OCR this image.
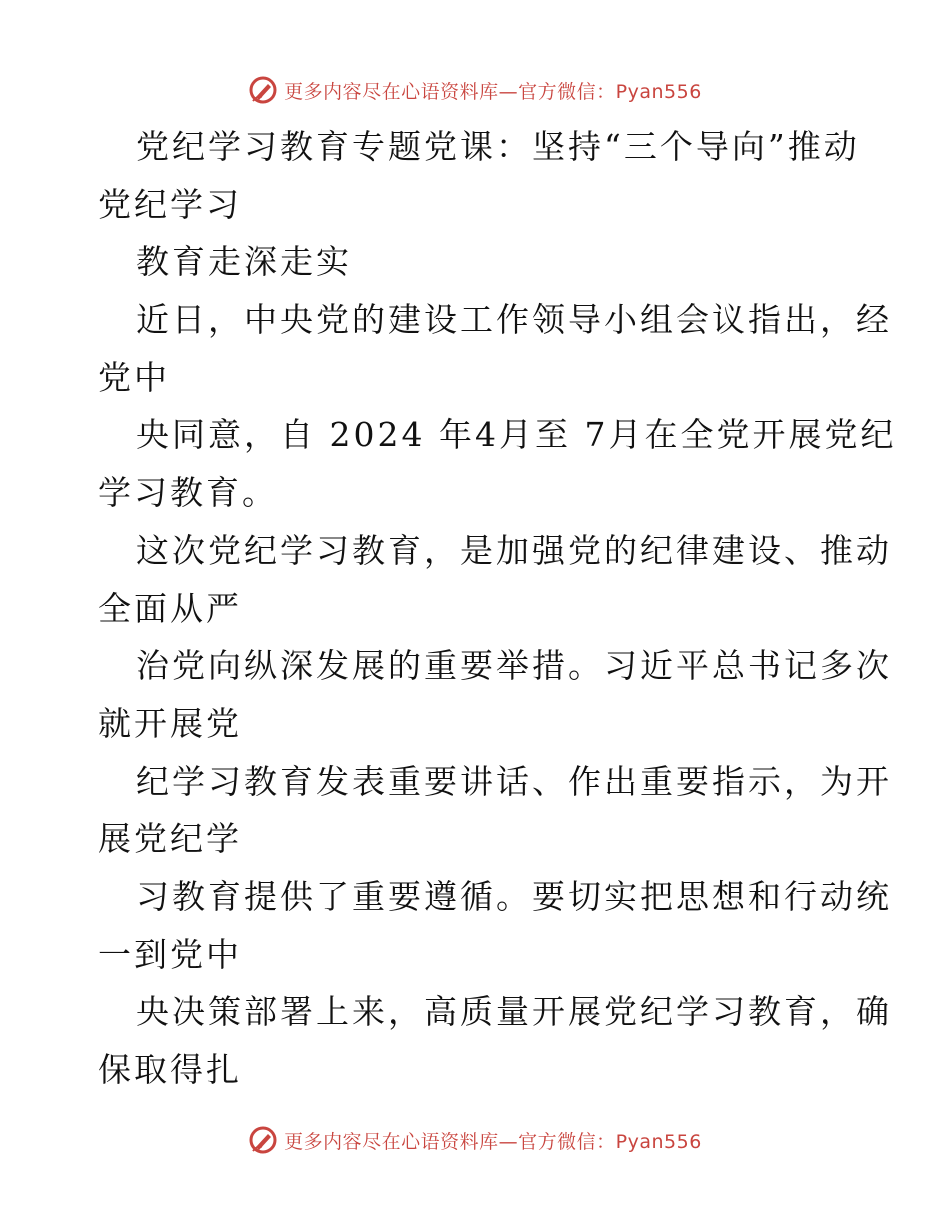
更多内容尽在心语资料库—官方微信：Pyan556
党纪学习教育专题党课：坚持“三个导向”推动
党纪学习
教育走深走实
近日，中央党的建设工作领导小组会议指出，经
党中
央同意，自 2024 年4月至 7月在全党开展党纪
学习教育。
这次党纪学习教育，是加强党的纪律建设、推动
全面从严
治党向纵深发展的重要举措。习近平总书记多次
就开展党
纪学习教育发表重要讲话、作出重要指示，为开
展党纪学
习教育提供了重要遵循。要切实把思想和行动统
一到党中
央决策部署上来，高质量开展党纪学习教育，确
保取得扎
更多内容尽在心语资料库—官方微信：Pyan556
